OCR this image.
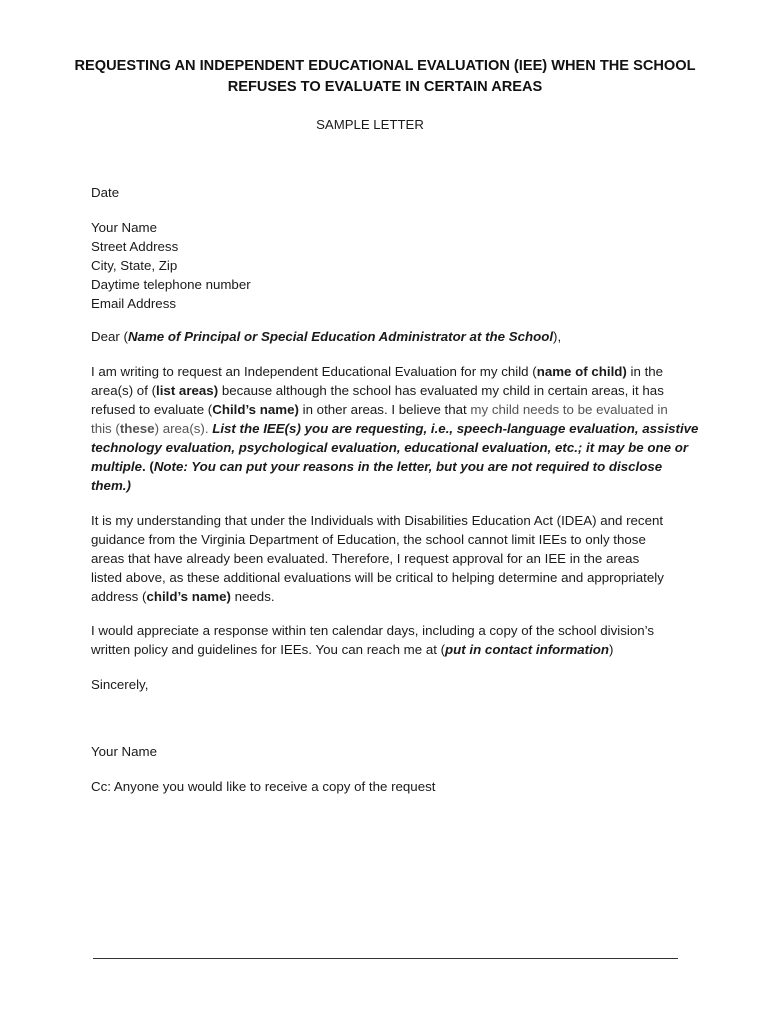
REQUESTING AN INDEPENDENT EDUCATIONAL EVALUATION (IEE) WHEN THE SCHOOL
REFUSES TO EVALUATE IN CERTAIN AREAS
SAMPLE LETTER
Date
Your Name
Street Address
City, State, Zip
Daytime telephone number
Email Address
Dear (Name of Principal or Special Education Administrator at the School),
I am writing to request an Independent Educational Evaluation for my child (name of child) in the
area(s) of (list areas) because although the school has evaluated my child in certain areas, it has
refused to evaluate (Child’s name) in other areas. I believe that my child needs to be evaluated in
this (these) area(s). List the IEE(s) you are requesting, i.e., speech-language evaluation, assistive
technology evaluation, psychological evaluation, educational evaluation, etc.; it may be one or
multiple. (Note: You can put your reasons in the letter, but you are not required to disclose
them.)
It is my understanding that under the Individuals with Disabilities Education Act (IDEA) and recent
guidance from the Virginia Department of Education, the school cannot limit IEEs to only those
areas that have already been evaluated. Therefore, I request approval for an IEE in the areas
listed above, as these additional evaluations will be critical to helping determine and appropriately
address (child’s name) needs.
I would appreciate a response within ten calendar days, including a copy of the school division’s
written policy and guidelines for IEEs. You can reach me at (put in contact information)
Sincerely,
Your Name
Cc: Anyone you would like to receive a copy of the request
